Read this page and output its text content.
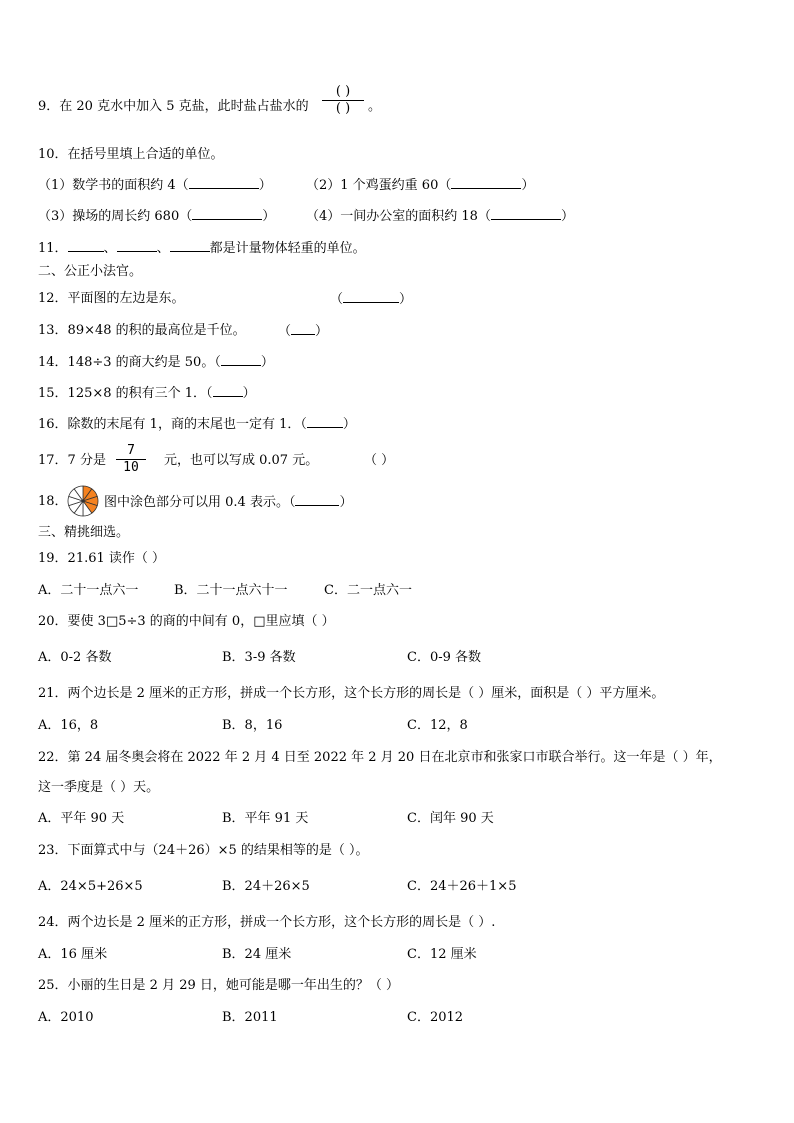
9．在 20 克水中加入 5 克盐，此时盐占盐水的
( )
( )	。
10．在括号里填上合适的单位。
（1）数学书的面积约 4（	）	（2）1 个鸡蛋约重 60（	）
（3）操场的周长约 680（	） （4）一间办公室的面积约 18（	）
11．	、	、	都是计量物体轻重的单位。
二、公正小法官。
12．平面图的左边是东。	（	）
13．89×48 的积的最高位是千位。 （ ）
14．148÷3 的商大约是 50。（	）
15．125×8 的积有三个 1．（ ）
16．除数的末尾有 1，商的末尾也一定有 1．（	）
17．7 分是
7
10	元，也可以写成 0.07 元。	（ ）
18．	图中涂色部分可以用 0.4 表示。（	）
三、精挑细选。
19．21.61 读作（ ）
A．二十一点六一	B．二十一点六十一	C．二一点六一
20．要使 3□5÷3 的商的中间有 0，□里应填（ ）
A．0-2 各数	B．3-9 各数	C．0-9 各数
21．两个边长是 2 厘米的正方形，拼成一个长方形，这个长方形的周长是（ ）厘米，面积是（ ）平方厘米。
A．16，8	B．8，16	C．12，8
22．第 24 届冬奥会将在 2022 年 2 月 4 日至 2022 年 2 月 20 日在北京市和张家口市联合举行。这一年是（ ）年，
这一季度是（ ）天。
A．平年 90 天	B．平年 91 天	C．闰年 90 天
23．下面算式中与（24＋26）×5 的结果相等的是（ ）。
A．24×5+26×5	B．24＋26×5	C．24＋26＋1×5
24．两个边长是 2 厘米的正方形，拼成一个长方形，这个长方形的周长是（ ）.
A．16 厘米	B．24 厘米	C．12 厘米
25．小丽的生日是 2 月 29 日，她可能是哪一年出生的？（ ）
A．2010	B．2011	C．2012
